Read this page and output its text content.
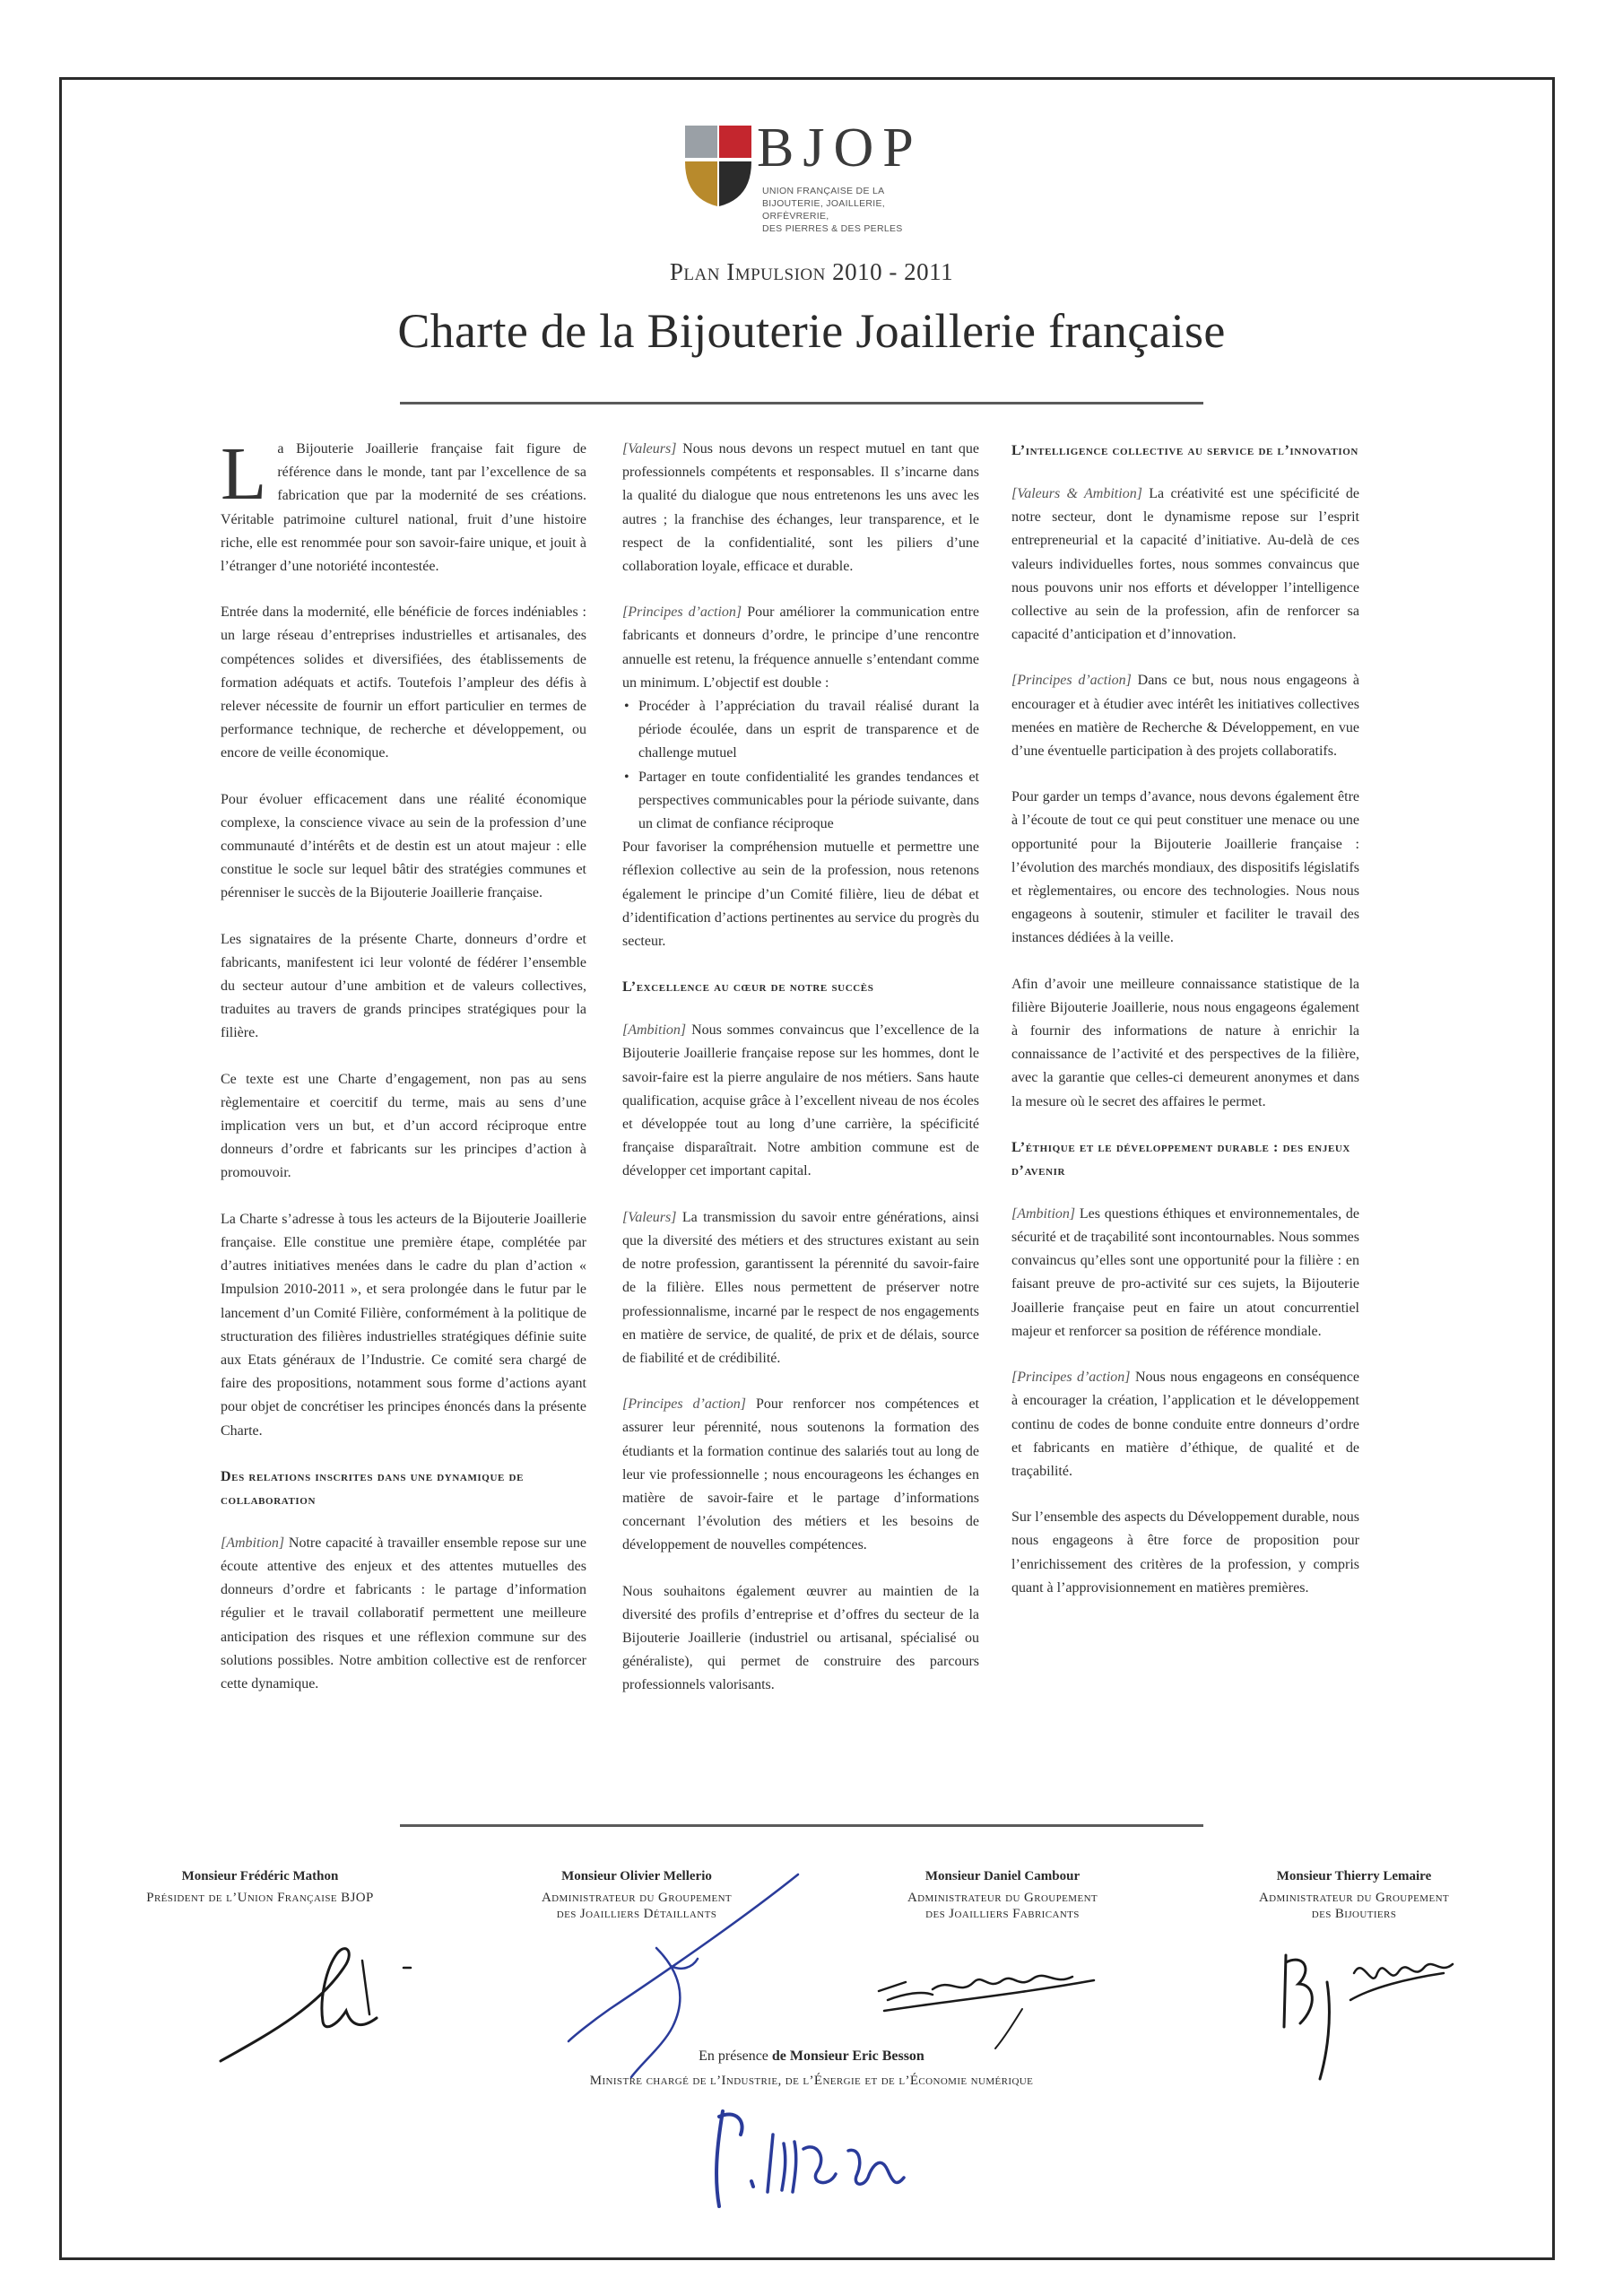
BJOP
UNION FRANÇAISE DE LA
BIJOUTERIE, JOAILLERIE, ORFÈVRERIE,
DES PIERRES & DES PERLES
Plan Impulsion 2010 - 2011
Charte de la Bijouterie Joaillerie française

La Bijouterie Joaillerie française fait figure de référence dans le monde, tant par l’excellence de sa fabrication que par la modernité de ses créations. Véritable patrimoine culturel national, fruit d’une histoire riche, elle est renommée pour son savoir-faire unique, et jouit à l’étranger d’une notoriété incontestée.

Entrée dans la modernité, elle bénéficie de forces indéniables : un large réseau d’entreprises industrielles et artisanales, des compétences solides et diversifiées, des établissements de formation adéquats et actifs. Toutefois l’ampleur des défis à relever nécessite de fournir un effort particulier en termes de performance technique, de recherche et développement, ou encore de veille économique.

Pour évoluer efficacement dans une réalité économique complexe, la conscience vivace au sein de la profession d’une communauté d’intérêts et de destin est un atout majeur : elle constitue le socle sur lequel bâtir des stratégies communes et pérenniser le succès de la Bijouterie Joaillerie française.

Les signataires de la présente Charte, donneurs d’ordre et fabricants, manifestent ici leur volonté de fédérer l’ensemble du secteur autour d’une ambition et de valeurs collectives, traduites au travers de grands principes stratégiques pour la filière.

Ce texte est une Charte d’engagement, non pas au sens règlementaire et coercitif du terme, mais au sens d’une implication vers un but, et d’un accord réciproque entre donneurs d’ordre et fabricants sur les principes d’action à promouvoir.

La Charte s’adresse à tous les acteurs de la Bijouterie Joaillerie française. Elle constitue une première étape, complétée par d’autres initiatives menées dans le cadre du plan d’action « Impulsion 2010-2011 », et sera prolongée dans le futur par le lancement d’un Comité Filière, conformément à la politique de structuration des filières industrielles stratégiques définie suite aux Etats généraux de l’Industrie. Ce comité sera chargé de faire des propositions, notamment sous forme d’actions ayant pour objet de concrétiser les principes énoncés dans la présente Charte.

Des relations inscrites dans une dynamique de collaboration

[Ambition] Notre capacité à travailler ensemble repose sur une écoute attentive des enjeux et des attentes mutuelles des donneurs d’ordre et fabricants : le partage d’information régulier et le travail collaboratif permettent une meilleure anticipation des risques et une réflexion commune sur des solutions possibles. Notre ambition collective est de renforcer cette dynamique.

[Valeurs] Nous nous devons un respect mutuel en tant que professionnels compétents et responsables. Il s’incarne dans la qualité du dialogue que nous entretenons les uns avec les autres ; la franchise des échanges, leur transparence, et le respect de la confidentialité, sont les piliers d’une collaboration loyale, efficace et durable.

[Principes d’action] Pour améliorer la communication entre fabricants et donneurs d’ordre, le principe d’une rencontre annuelle est retenu, la fréquence annuelle s’entendant comme un minimum. L’objectif est double :

• Procéder à l’appréciation du travail réalisé durant la période écoulée, dans un esprit de transparence et de challenge mutuel
• Partager en toute confidentialité les grandes tendances et perspectives communicables pour la période suivante, dans un climat de confiance réciproque

Pour favoriser la compréhension mutuelle et permettre une réflexion collective au sein de la profession, nous retenons également le principe d’un Comité filière, lieu de débat et d’identification d’actions pertinentes au service du progrès du secteur.

L’excellence au cœur de notre succès

[Ambition] Nous sommes convaincus que l’excellence de la Bijouterie Joaillerie française repose sur les hommes, dont le savoir-faire est la pierre angulaire de nos métiers. Sans haute qualification, acquise grâce à l’excellent niveau de nos écoles et développée tout au long d’une carrière, la spécificité française disparaîtrait. Notre ambition commune est de développer cet important capital.

[Valeurs] La transmission du savoir entre générations, ainsi que la diversité des métiers et des structures existant au sein de notre profession, garantissent la pérennité du savoir-faire de la filière. Elles nous permettent de préserver notre professionnalisme, incarné par le respect de nos engagements en matière de service, de qualité, de prix et de délais, source de fiabilité et de crédibilité.

[Principes d’action] Pour renforcer nos compétences et assurer leur pérennité, nous soutenons la formation des étudiants et la formation continue des salariés tout au long de leur vie professionnelle ; nous encourageons les échanges en matière de savoir-faire et le partage d’informations concernant l’évolution des métiers et les besoins de développement de nouvelles compétences.

Nous souhaitons également œuvrer au maintien de la diversité des profils d’entreprise et d’offres du secteur de la Bijouterie Joaillerie (industriel ou artisanal, spécialisé ou généraliste), qui permet de construire des parcours professionnels valorisants.

L’intelligence collective au service de l’innovation

[Valeurs & Ambition] La créativité est une spécificité de notre secteur, dont le dynamisme repose sur l’esprit entrepreneurial et la capacité d’initiative. Au-delà de ces valeurs individuelles fortes, nous sommes convaincus que nous pouvons unir nos efforts et développer l’intelligence collective au sein de la profession, afin de renforcer sa capacité d’anticipation et d’innovation.

[Principes d’action] Dans ce but, nous nous engageons à encourager et à étudier avec intérêt les initiatives collectives menées en matière de Recherche & Développement, en vue d’une éventuelle participation à des projets collaboratifs.

Pour garder un temps d’avance, nous devons également être à l’écoute de tout ce qui peut constituer une menace ou une opportunité pour la Bijouterie Joaillerie française : l’évolution des marchés mondiaux, des dispositifs législatifs et règlementaires, ou encore des technologies. Nous nous engageons à soutenir, stimuler et faciliter le travail des instances dédiées à la veille.

Afin d’avoir une meilleure connaissance statistique de la filière Bijouterie Joaillerie, nous nous engageons également à fournir des informations de nature à enrichir la connaissance de l’activité et des perspectives de la filière, avec la garantie que celles-ci demeurent anonymes et dans la mesure où le secret des affaires le permet.

L’éthique et le développement durable : des enjeux d’avenir

[Ambition] Les questions éthiques et environnementales, de sécurité et de traçabilité sont incontournables. Nous sommes convaincus qu’elles sont une opportunité pour la filière : en faisant preuve de pro-activité sur ces sujets, la Bijouterie Joaillerie française peut en faire un atout concurrentiel majeur et renforcer sa position de référence mondiale.

[Principes d’action] Nous nous engageons en conséquence à encourager la création, l’application et le développement continu de codes de bonne conduite entre donneurs d’ordre et fabricants en matière d’éthique, de qualité et de traçabilité.

Sur l’ensemble des aspects du Développement durable, nous nous engageons à être force de proposition pour l’enrichissement des critères de la profession, y compris quant à l’approvisionnement en matières premières.

Monsieur Frédéric Mathon
Président de l’Union Française BJOP
Monsieur Olivier Mellerio
Administrateur du Groupement
des Joailliers Détaillants
Monsieur Daniel Cambour
Administrateur du Groupement
des Joailliers Fabricants
Monsieur Thierry Lemaire
Administrateur du Groupement
des Bijoutiers
En présence de Monsieur Eric Besson
Ministre chargé de l’Industrie, de l’Énergie et de l’Économie numérique
